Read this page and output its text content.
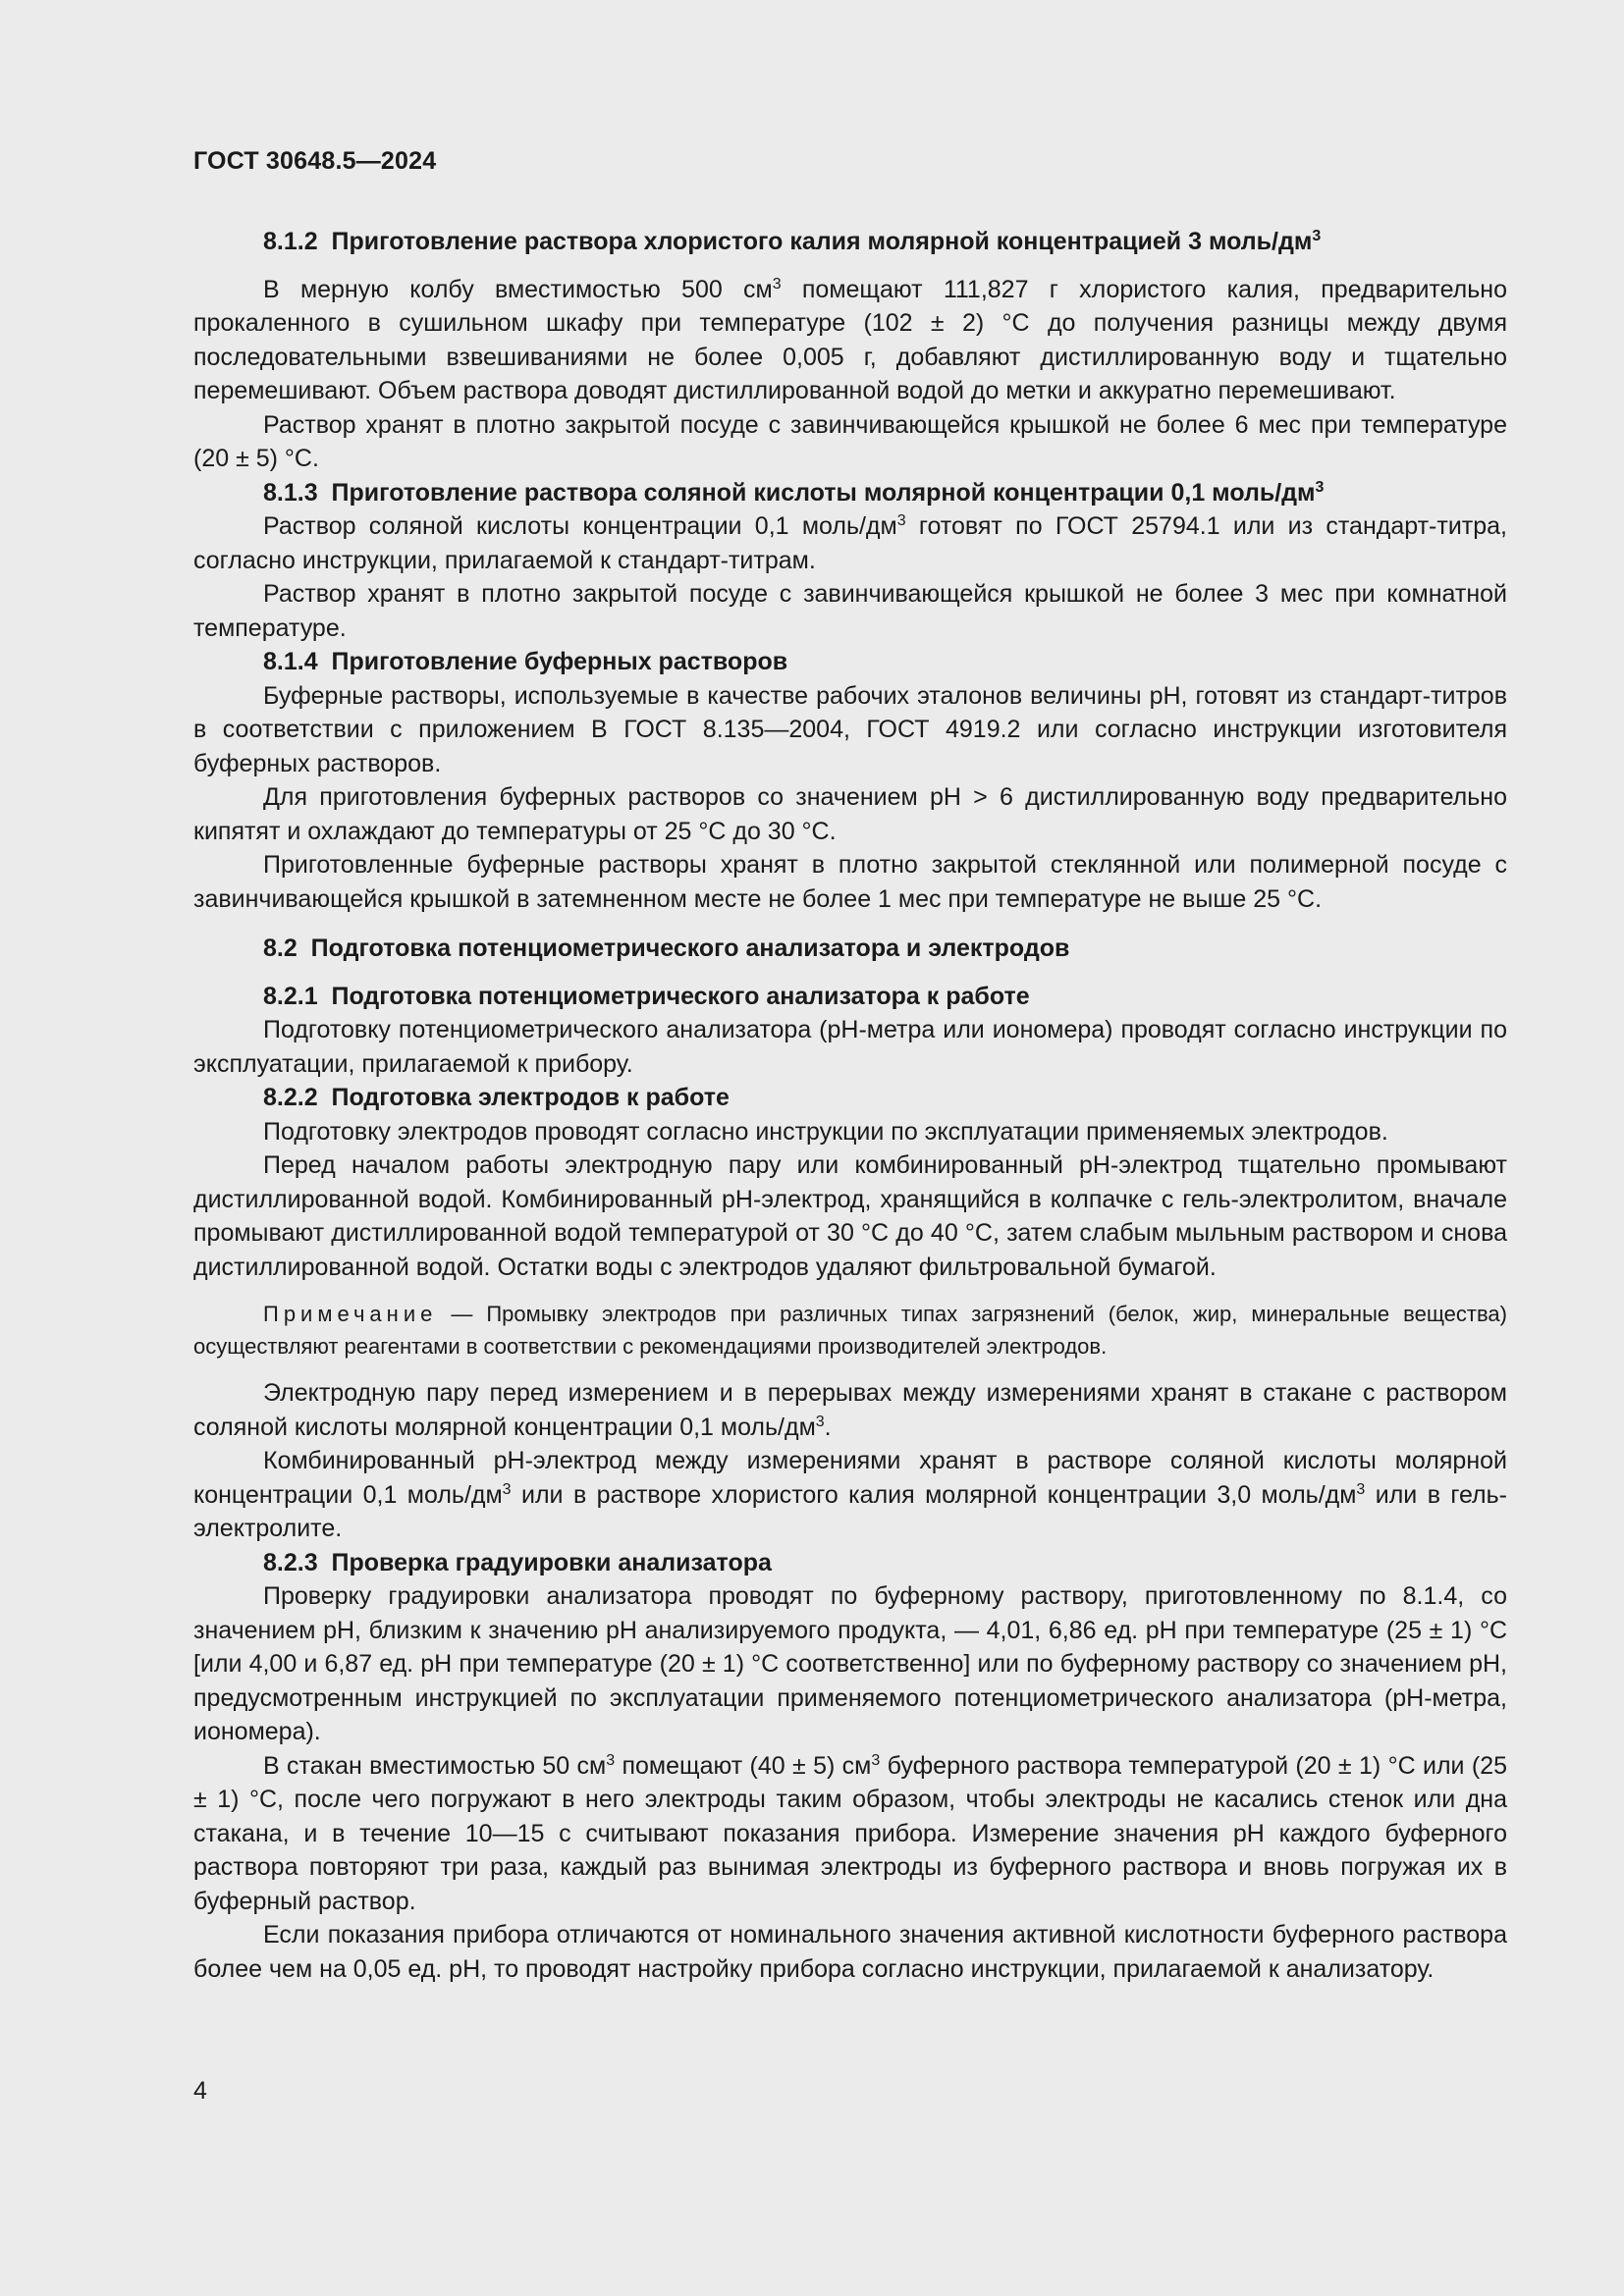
ГОСТ 30648.5—2024
8.1.2 Приготовление раствора хлористого калия молярной концентрацией 3 моль/$дм^3$

В мерную колбу вместимостью 500 $см^3$ помещают 111,827 г хлористого калия, предварительно прокаленного в сушильном шкафу при температуре (102 ± 2) °С до получения разницы между двумя последовательными взвешиваниями не более 0,005 г, добавляют дистиллированную воду и тщательно перемешивают. Объем раствора доводят дистиллированной водой до метки и аккуратно перемешивают.

Раствор хранят в плотно закрытой посуде с завинчивающейся крышкой не более 6 мес при температуре (20 ± 5) °С.

8.1.3 Приготовление раствора соляной кислоты молярной концентрации 0,1 моль/$дм^3$

Раствор соляной кислоты концентрации 0,1 моль/$дм^3$ готовят по ГОСТ 25794.1 или из стандарт-титра, согласно инструкции, прилагаемой к стандарт-титрам.

Раствор хранят в плотно закрытой посуде с завинчивающейся крышкой не более 3 мес при комнатной температуре.

8.1.4 Приготовление буферных растворов

Буферные растворы, используемые в качестве рабочих эталонов величины рН, готовят из стандарт-титров в соответствии с приложением В ГОСТ 8.135—2004, ГОСТ 4919.2 или согласно инструкции изготовителя буферных растворов.

Для приготовления буферных растворов со значением рН > 6 дистиллированную воду предварительно кипятят и охлаждают до температуры от 25 °С до 30 °С.

Приготовленные буферные растворы хранят в плотно закрытой стеклянной или полимерной посуде с завинчивающейся крышкой в затемненном месте не более 1 мес при температуре не выше 25 °С.

8.2 Подготовка потенциометрического анализатора и электродов
8.2.1 Подготовка потенциометрического анализатора к работе

Подготовку потенциометрического анализатора (рН-метра или иономера) проводят согласно инструкции по эксплуатации, прилагаемой к прибору.

8.2.2 Подготовка электродов к работе

Подготовку электродов проводят согласно инструкции по эксплуатации применяемых электродов.

Перед началом работы электродную пару или комбинированный рН-электрод тщательно промывают дистиллированной водой. Комбинированный рН-электрод, хранящийся в колпачке с гель-электролитом, вначале промывают дистиллированной водой температурой от 30 °С до 40 °С, затем слабым мыльным раствором и снова дистиллированной водой. Остатки воды с электродов удаляют фильтровальной бумагой.

Примечание — Промывку электродов при различных типах загрязнений (белок, жир, минеральные вещества) осуществляют реагентами в соответствии с рекомендациями производителей электродов.

Электродную пару перед измерением и в перерывах между измерениями хранят в стакане с раствором соляной кислоты молярной концентрации 0,1 моль/$дм^3$.

Комбинированный рН-электрод между измерениями хранят в растворе соляной кислоты молярной концентрации 0,1 моль/$дм^3$ или в растворе хлористого калия молярной концентрации 3,0 моль/$дм^3$ или в гель-электролите.

8.2.3 Проверка градуировки анализатора

Проверку градуировки анализатора проводят по буферному раствору, приготовленному по 8.1.4, со значением рН, близким к значению рН анализируемого продукта, — 4,01, 6,86 ед. рН при температуре (25 ± 1) °С [или 4,00 и 6,87 ед. рН при температуре (20 ± 1) °С соответственно] или по буферному раствору со значением рН, предусмотренным инструкцией по эксплуатации применяемого потенциометрического анализатора (рН-метра, иономера).

В стакан вместимостью 50 $см^3$ помещают (40 ± 5) $см^3$ буферного раствора температурой (20 ± 1) °С или (25 ± 1) °С, после чего погружают в него электроды таким образом, чтобы электроды не касались стенок или дна стакана, и в течение 10—15 с считывают показания прибора. Измерение значения рН каждого буферного раствора повторяют три раза, каждый раз вынимая электроды из буферного раствора и вновь погружая их в буферный раствор.

Если показания прибора отличаются от номинального значения активной кислотности буферного раствора более чем на 0,05 ед. рН, то проводят настройку прибора согласно инструкции, прилагаемой к анализатору.

4
